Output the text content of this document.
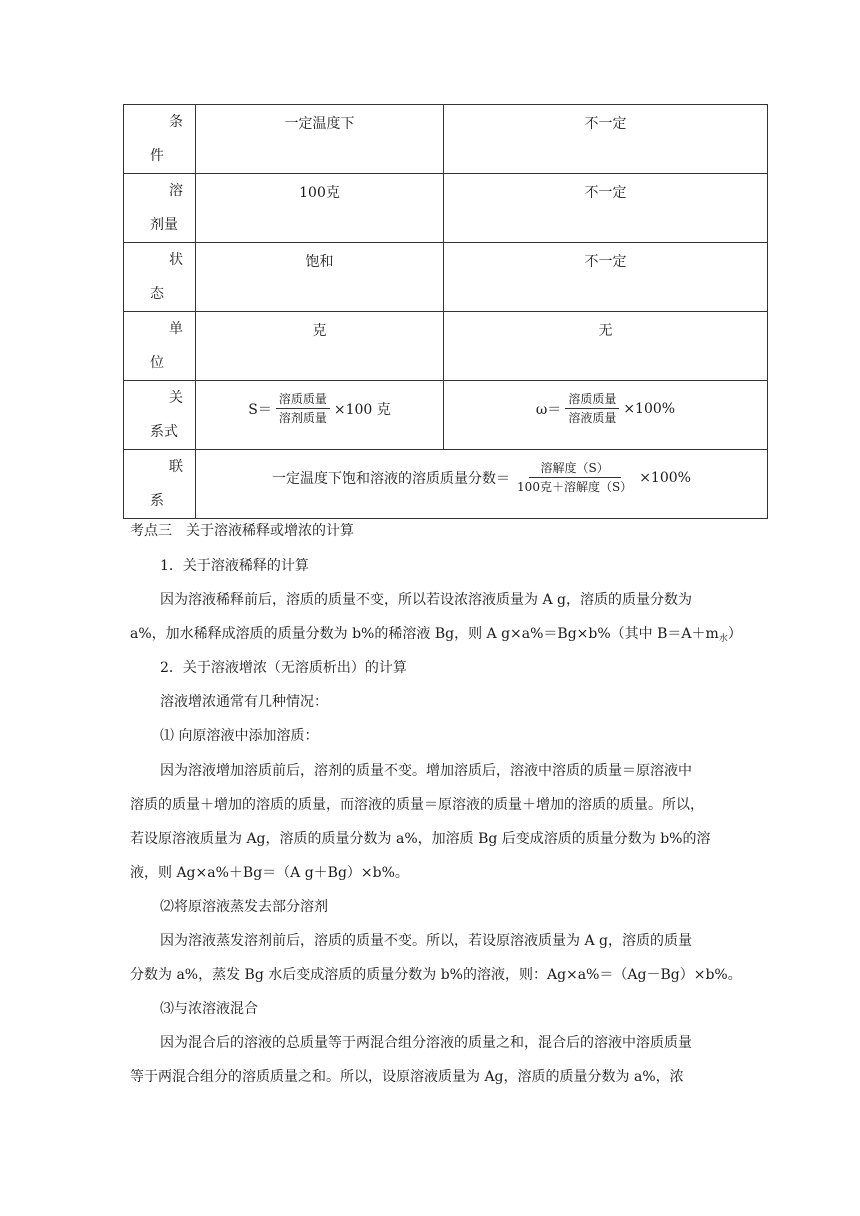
条
件	一定温度下	不一定

溶
剂量	100克	不一定

状
态	饱和	不一定

单
位	克	无

关
系式	$S= \frac{\text{溶质质量}}{\text{溶剂质量}} \times 100$ 克	$\omega= \frac{\text{溶质质量}}{\text{溶液质量}} \times 100\%$

联
系	一定温度下饱和溶液的溶质质量分数＝ $\frac{\text{溶解度（S）}}{\text{100克＋溶解度（S）}} \times 100\%$	
考点三　关于溶液稀释或增浓的计算
1．关于溶液稀释的计算
因为溶液稀释前后，溶质的质量不变，所以若设浓溶液质量为 A g，溶质的质量分数为
a%，加水稀释成溶质的质量分数为 b%的稀溶液 Bg，则 A g×a%＝Bg×b%（其中 $B=A+m_水$）
2．关于溶液增浓（无溶质析出）的计算
溶液增浓通常有几种情况：
⑴ 向原溶液中添加溶质：
因为溶液增加溶质前后，溶剂的质量不变。增加溶质后，溶液中溶质的质量＝原溶液中
溶质的质量＋增加的溶质的质量，而溶液的质量＝原溶液的质量＋增加的溶质的质量。所以，
若设原溶液质量为 Ag，溶质的质量分数为 a%，加溶质 Bg 后变成溶质的质量分数为 b%的溶
液，则 Ag×a%＋Bg＝（A g＋Bg）×b%。
⑵将原溶液蒸发去部分溶剂
因为溶液蒸发溶剂前后，溶质的质量不变。所以，若设原溶液质量为 A g，溶质的质量
分数为 a%，蒸发 Bg 水后变成溶质的质量分数为 b%的溶液，则：Ag×a%＝（Ag－Bg）×b%。
⑶与浓溶液混合
因为混合后的溶液的总质量等于两混合组分溶液的质量之和，混合后的溶液中溶质质量
等于两混合组分的溶质质量之和。所以，设原溶液质量为 Ag，溶质的质量分数为 a%，浓
